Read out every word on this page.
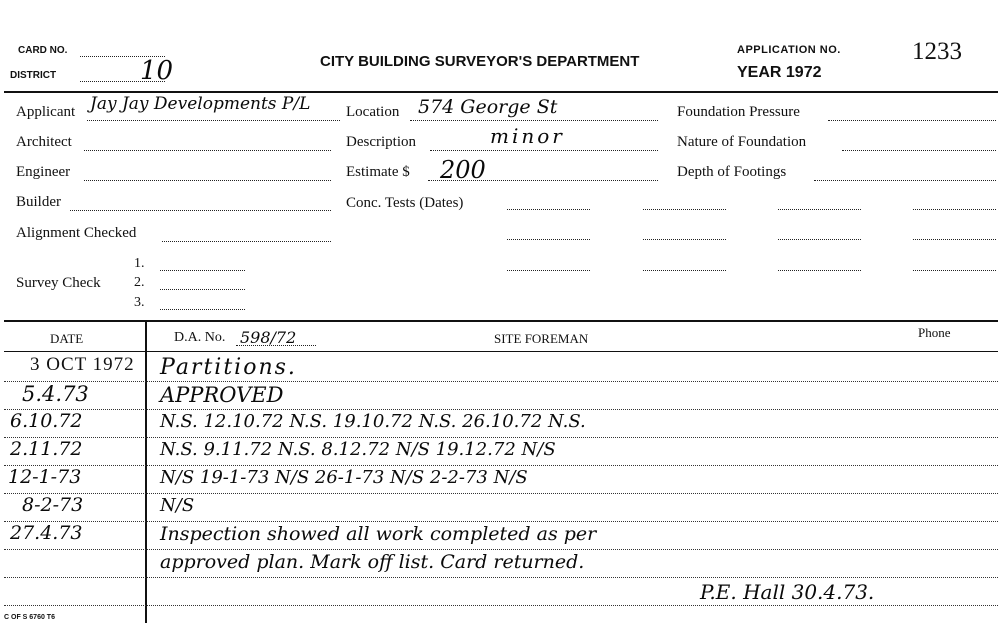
CARD NO.
DISTRICT	10	CITY BUILDING SURVEYOR'S DEPARTMENT
APPLICATION NO.	1233
YEAR 1972
Applicant Jay Jay Developments P/L
Architect
Engineer
Builder
Alignment Checked
Survey Check
1.
2.
3.
Location 574 George St
Description	minor
Estimate $ 200
Conc. Tests (Dates)
Foundation Pressure
Nature of Foundation
Depth of Footings
DATE	D.A. No. 598/72	SITE FOREMAN	Phone
3 OCT 1972 Partitions.
5.4.73	APPROVED
6.10.72	N.S. 12.10.72 N.S. 19.10.72 N.S. 26.10.72 N.S.
2.11.72	N.S. 9.11.72 N.S. 8.12.72 N/S 19.12.72 N/S
12-1-73	N/S 19-1-73 N/S 26-1-73 N/S 2-2-73 N/S
8-2-73	N/S
27.4.73	Inspection showed all work completed as per
approved plan. Mark off list. Card returned.
P.E. Hall 30.4.73.
C OF S 6760 T6
